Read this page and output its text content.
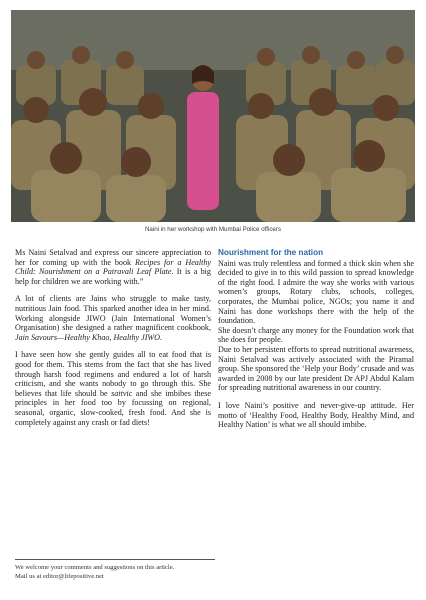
Naini in her workshop with Mumbai Police officers

Ms Naini Setalvad and express our sincere appreciation to her for coming up with the book Recipes for a Healthy Child: Nourishment on a Patravali Leaf Plate. It is a big help for children we are working with.”

A lot of clients are Jains who struggle to make tasty, nutritious Jain food. This sparked another idea in her mind. Working alongside JIWO (Jain International Women’s Organisation) she designed a rather magnificent cookbook, Jain Savours—Healthy Khao, Healthy JIWO.

I have seen how she gently guides all to eat food that is good for them. This stems from the fact that she has lived through harsh food regimens and endured a lot of harsh criticism, and she wants nobody to go through this. She believes that life should be sattvic and she imbibes these principles in her food too by focussing on regional, seasonal, organic, slow-cooked, fresh food. And she is completely against any crash or fad diets!

Nourishment for the nation

Naini was truly relentless and formed a thick skin when she decided to give in to this wild passion to spread knowledge of the right food. I admire the way she works with various women’s groups, Rotary clubs, schools, colleges, corporates, the Mumbai police, NGOs; you name it and Naini has done workshops there with the help of the foundation.

She doesn’t charge any money for the Foundation work that she does for people.

Due to her persistent efforts to spread nutritional awareness, Naini Setalvad was actively associated with the Piramal group. She sponsored the ‘Help your Body’ crusade and was awarded in 2008 by our late president Dr APJ Abdul Kalam for spreading nutritional awareness in our country.

I love Naini’s positive and never-give-up attitude. Her motto of ‘Healthy Food, Healthy Body, Healthy Mind, and Healthy Nation’ is what we all should imbibe.

We welcome your comments and suggestions on this article.
Mail us at editor@lifepositive.net
